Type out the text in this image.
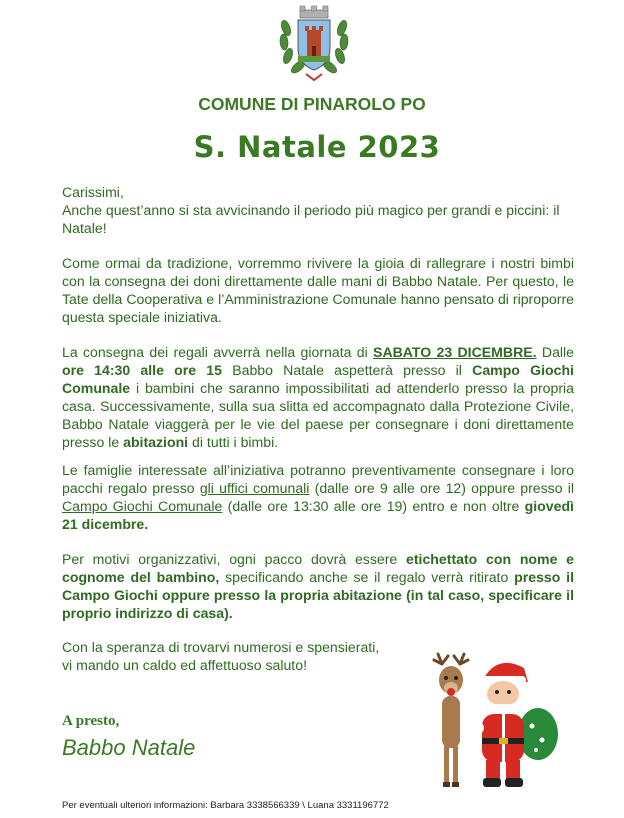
COMUNE DI PINAROLO PO
S. Natale 2023

Carissimi,

Anche quest’anno si sta avvicinando il periodo più magico per grandi e piccini: il Natale!

Come ormai da tradizione, vorremmo rivivere la gioia di rallegrare i nostri bimbi con la consegna dei doni direttamente dalle mani di Babbo Natale. Per questo, le Tate della Cooperativa e l’Amministrazione Comunale hanno pensato di riproporre questa speciale iniziativa.

La consegna dei regali avverrà nella giornata di SABATO 23 DICEMBRE. Dalle ore 14:30 alle ore 15 Babbo Natale aspetterà presso il Campo Giochi Comunale i bambini che saranno impossibilitati ad attenderlo presso la propria casa. Successivamente, sulla sua slitta ed accompagnato dalla Protezione Civile, Babbo Natale viaggerà per le vie del paese per consegnare i doni direttamente presso le abitazioni di tutti i bimbi.

Le famiglie interessate all’iniziativa potranno preventivamente consegnare i loro pacchi regalo presso gli uffici comunali (dalle ore 9 alle ore 12) oppure presso il Campo Giochi Comunale (dalle ore 13:30 alle ore 19) entro e non oltre giovedì 21 dicembre.

Per motivi organizzativi, ogni pacco dovrà essere etichettato con nome e cognome del bambino, specificando anche se il regalo verrà ritirato presso il Campo Giochi oppure presso la propria abitazione (in tal caso, specificare il proprio indirizzo di casa).

Con la speranza di trovarvi numerosi e spensierati,

vi mando un caldo ed affettuoso saluto!

A presto,
Babbo Natale
Per eventuali ulteriori informazioni: Barbara 3338566339 \ Luana 3331196772
